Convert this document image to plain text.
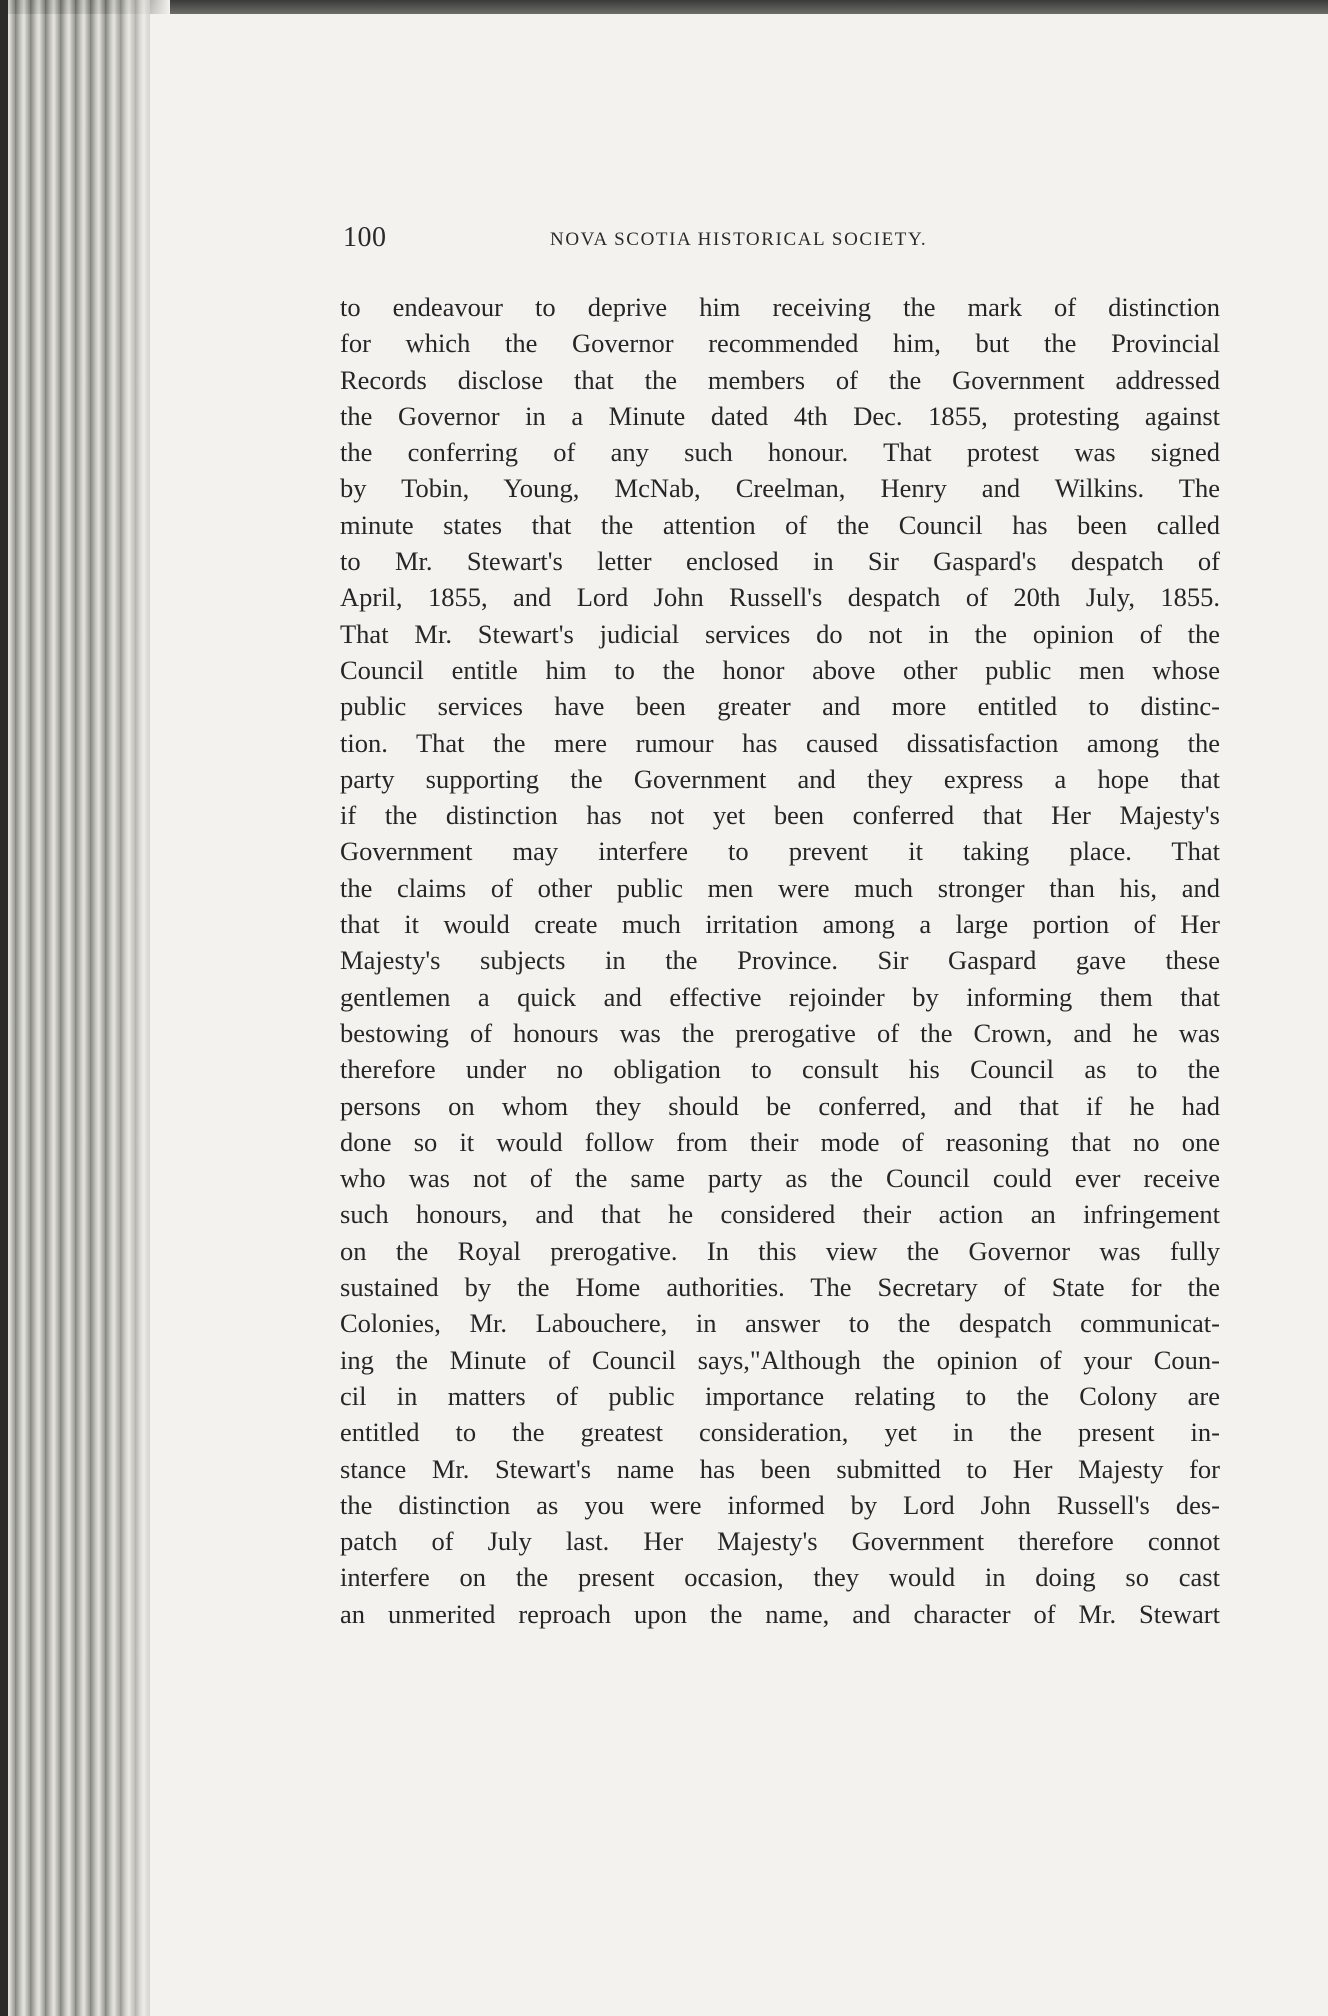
100	NOVA SCOTIA HISTORICAL SOCIETY.
to endeavour to deprive him receiving the mark of distinction
for which the Governor recommended him, but the Provincial
Records disclose that the members of the Government addressed
the Governor in a Minute dated 4th Dec. 1855, protesting against
the conferring of any such honour. That protest was signed
by Tobin, Young, McNab, Creelman, Henry and Wilkins. The
minute states that the attention of the Council has been called
to Mr. Stewart's letter enclosed in Sir Gaspard's despatch of
April, 1855, and Lord John Russell's despatch of 20th July, 1855.
That Mr. Stewart's judicial services do not in the opinion of the
Council entitle him to the honor above other public men whose
public services have been greater and more entitled to distinc-
tion. That the mere rumour has caused dissatisfaction among the
party supporting the Government and they express a hope that
if the distinction has not yet been conferred that Her Majesty's
Government may interfere to prevent it taking place. That
the claims of other public men were much stronger than his, and
that it would create much irritation among a large portion of Her
Majesty's subjects in the Province. Sir Gaspard gave these
gentlemen a quick and effective rejoinder by informing them that
bestowing of honours was the prerogative of the Crown, and he was
therefore under no obligation to consult his Council as to the
persons on whom they should be conferred, and that if he had
done so it would follow from their mode of reasoning that no one
who was not of the same party as the Council could ever receive
such honours, and that he considered their action an infringement
on the Royal prerogative. In this view the Governor was fully
sustained by the Home authorities. The Secretary of State for the
Colonies, Mr. Labouchere, in answer to the despatch communicat-
ing the Minute of Council says,"Although the opinion of your Coun-
cil in matters of public importance relating to the Colony are
entitled to the greatest consideration, yet in the present in-
stance Mr. Stewart's name has been submitted to Her Majesty for
the distinction as you were informed by Lord John Russell's des-
patch of July last. Her Majesty's Government therefore connot
interfere on the present occasion, they would in doing so cast
an unmerited reproach upon the name, and character of Mr. Stewart
